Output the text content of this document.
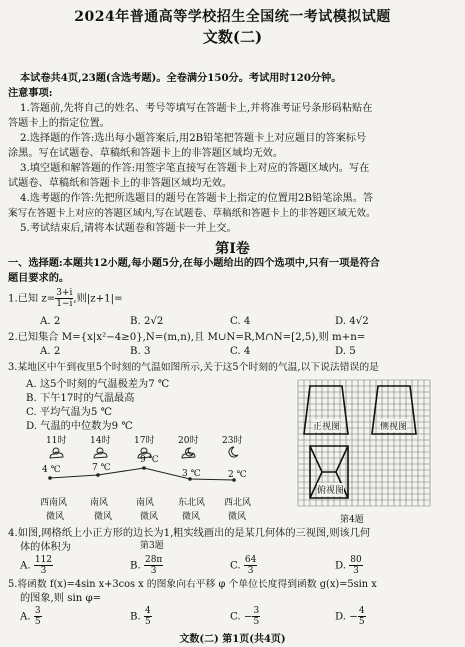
2024年普通高等学校招生全国统一考试模拟试题
文数(二)
本试卷共4页,23题(含选考题)。全卷满分150分。考试用时120分钟。
注意事项:
1.答题前,先将自己的姓名、考号等填写在答题卡上,并将准考证号条形码粘贴在
答题卡上的指定位置。
2.选择题的作答:选出每小题答案后,用2B铅笔把答题卡上对应题目的答案标号
涂黑。写在试题卷、草稿纸和答题卡上的非答题区域均无效。
3.填空题和解答题的作答:用签字笔直接写在答题卡上对应的答题区域内。写在
试题卷、草稿纸和答题卡上的非答题区域均无效。
4.选考题的作答:先把所选题目的题号在答题卡上指定的位置用2B铅笔涂黑。答
案写在答题卡上对应的答题区域内,写在试题卷、草稿纸和答题卡上的非答题区域无效。
5.考试结束后,请将本试题卷和答题卡一并上交。
第Ⅰ卷
一、选择题:本题共12小题,每小题5分,在每小题给出的四个选项中,只有一项是符合
题目要求的。
1.已知 $z= \frac{3+i}{1-i}$ ,则|z+1|=
A. 2	B. 2√2	C. 4	D. 4√2
2.已知集合 M={x|x²−4≥0},N=(m,n),且 M∪N=R,M∩N=[2,5),则 m+n=
A. 2	B. 3	C. 4	D. 5
3.某地区中午到夜里5个时刻的气温如图所示,关于这5个时刻的气温,以下说法错误的是
A. 这5个时刻的气温极差为7 ℃
B. 下午17时的气温最高
C. 平均气温为5 ℃
D. 气温的中位数为9 ℃
11时	14时	17时	20时	23时
4 ℃	7 ℃
9 ℃
3 ℃	2 ℃
西南风	南风	南风	东北风 西北风
微风	微风	微风	微风	微风
第3题
正视图	侧视图
俯视图
第4题
4.如图,网格纸上小正方形的边长为1,粗实线画出的是某几何体的三视图,则该几何
体的体积为
A. $\frac{112}{3}$	B. $\frac{28\pi}{3}$	C. $\frac{64}{3}$	D. $\frac{80}{3}$
5.将函数 f(x)=4sin x+3cos x 的图象向右平移 φ 个单位长度得到函数 g(x)=5sin x
的图象,则 sin φ=
A. $\frac{3}{5}$	B. $\frac{4}{5}$	C. − $\frac{3}{5}$	D. − $\frac{4}{5}$
文数(二) 第1页(共4页)
